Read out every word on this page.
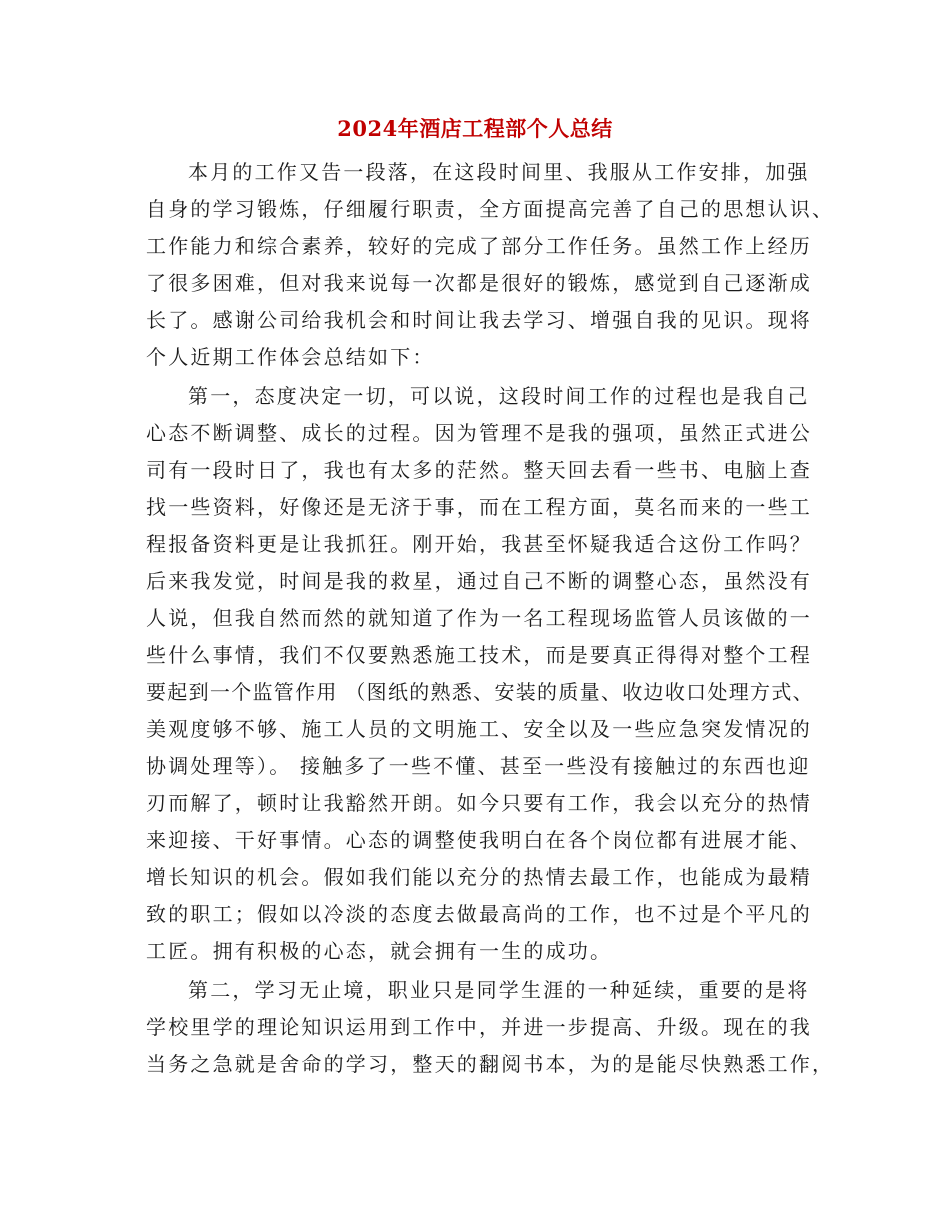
2024年酒店工程部个人总结
本月的工作又告一段落，在这段时间里、我服从工作安排，加强
自身的学习锻炼，仔细履行职责，全方面提高完善了自己的思想认识、
工作能力和综合素养，较好的完成了部分工作任务。虽然工作上经历
了很多困难，但对我来说每一次都是很好的锻炼，感觉到自己逐渐成
长了。感谢公司给我机会和时间让我去学习、增强自我的见识。现将
个人近期工作体会总结如下：
第一，态度决定一切，可以说，这段时间工作的过程也是我自己
心态不断调整、成长的过程。因为管理不是我的强项，虽然正式进公
司有一段时日了，我也有太多的茫然。整天回去看一些书、电脑上查
找一些资料，好像还是无济于事，而在工程方面，莫名而来的一些工
程报备资料更是让我抓狂。刚开始，我甚至怀疑我适合这份工作吗？
后来我发觉，时间是我的救星，通过自己不断的调整心态，虽然没有
人说，但我自然而然的就知道了作为一名工程现场监管人员该做的一
些什么事情，我们不仅要熟悉施工技术，而是要真正得得对整个工程
要起到一个监管作用 （图纸的熟悉、安装的质量、收边收口处理方式、
美观度够不够、施工人员的文明施工、安全以及一些应急突发情况的
协调处理等）。 接触多了一些不懂、甚至一些没有接触过的东西也迎
刃而解了，顿时让我豁然开朗。如今只要有工作，我会以充分的热情
来迎接、干好事情。心态的调整使我明白在各个岗位都有进展才能、
增长知识的机会。假如我们能以充分的热情去最工作，也能成为最精
致的职工；假如以冷淡的态度去做最高尚的工作，也不过是个平凡的
工匠。拥有积极的心态，就会拥有一生的成功。
第二，学习无止境，职业只是同学生涯的一种延续，重要的是将
学校里学的理论知识运用到工作中，并进一步提高、升级。现在的我
当务之急就是舍命的学习，整天的翻阅书本，为的是能尽快熟悉工作，
